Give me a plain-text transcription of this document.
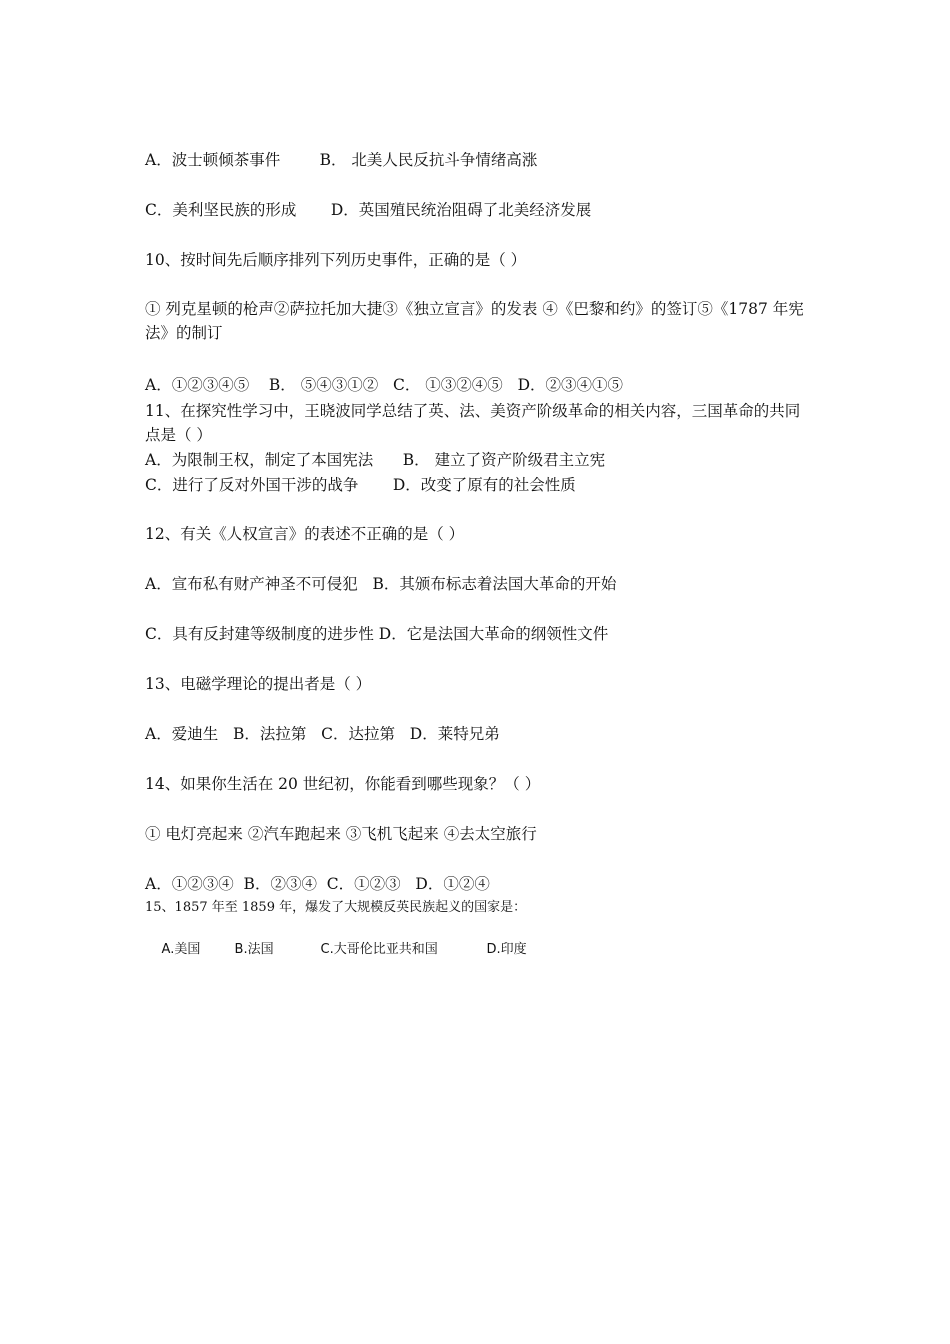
A．波士顿倾茶事件        B． 北美人民反抗斗争情绪高涨
C．美利坚民族的形成       D．英国殖民统治阻碍了北美经济发展
10、按时间先后顺序排列下列历史事件，正确的是（ ）
① 列克星顿的枪声②萨拉托加大捷③《独立宣言》的发表 ④《巴黎和约》的签订⑤《1787 年宪法》的制订
A．①②③④⑤    B． ⑤④③①②   C． ①③②④⑤   D．②③④①⑤
11、在探究性学习中，王晓波同学总结了英、法、美资产阶级革命的相关内容，三国革命的共同点是（ ）
A．为限制王权，制定了本国宪法      B． 建立了资产阶级君主立宪
C．进行了反对外国干涉的战争       D．改变了原有的社会性质
12、有关《人权宣言》的表述不正确的是（ ）
A．宣布私有财产神圣不可侵犯   B．其颁布标志着法国大革命的开始
C．具有反封建等级制度的进步性 D．它是法国大革命的纲领性文件
13、电磁学理论的提出者是（ ）
A．爱迪生   B．法拉第   C．达拉第   D．莱特兄弟
14、如果你生活在 20 世纪初，你能看到哪些现象？（ ）
① 电灯亮起来 ②汽车跑起来 ③飞机飞起来 ④去太空旅行
A．①②③④  B．②③④  C．①②③   D．①②④
15、1857 年至 1859 年，爆发了大规模反英民族起义的国家是：

A.美国	B.法国	C.大哥伦比亚共和国	D.印度
